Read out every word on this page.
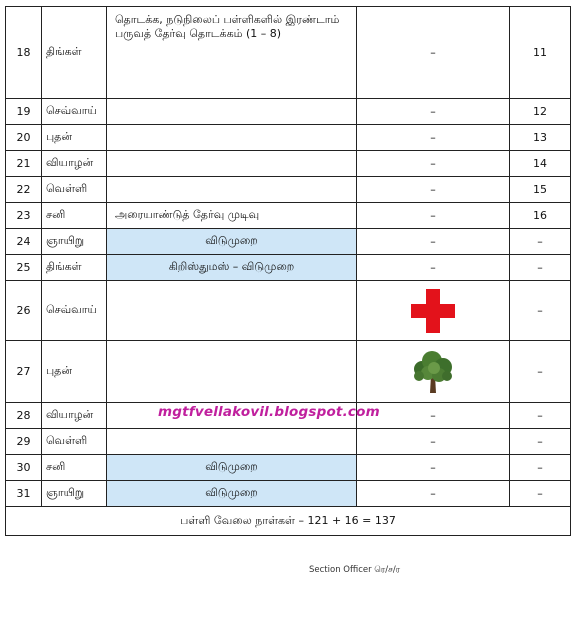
18	திங்கள்	தொடக்க, நடுநிலைப் பள்ளிகளில் இரண்டாம் பருவத் தேர்வு தொடக்கம் (1 – 8)	–	11
19	செவ்வாய்		–	12
20	புதன்		–	13
21	வியாழன்		–	14
22	வெள்ளி		–	15
23	சனி	அரையாண்டுத் தேர்வு முடிவு	–	16
24	ஞாயிறு	விடுமுறை	–	–
25	திங்கள்	கிறிஸ்துமஸ் – விடுமுறை	–	–
26	செவ்வாய்			–
27	புதன்			–
28	வியாழன்		–	–
29	வெள்ளி		–	–
30	சனி	விடுமுறை	–	–
31	ஞாயிறு	விடுமுறை	–	–
பள்ளி வேலை நாள்கள் – 121 + 16 = 137				
mgtfvellakovil.blogspot.com
Section Officer ரெ/ச/ர
